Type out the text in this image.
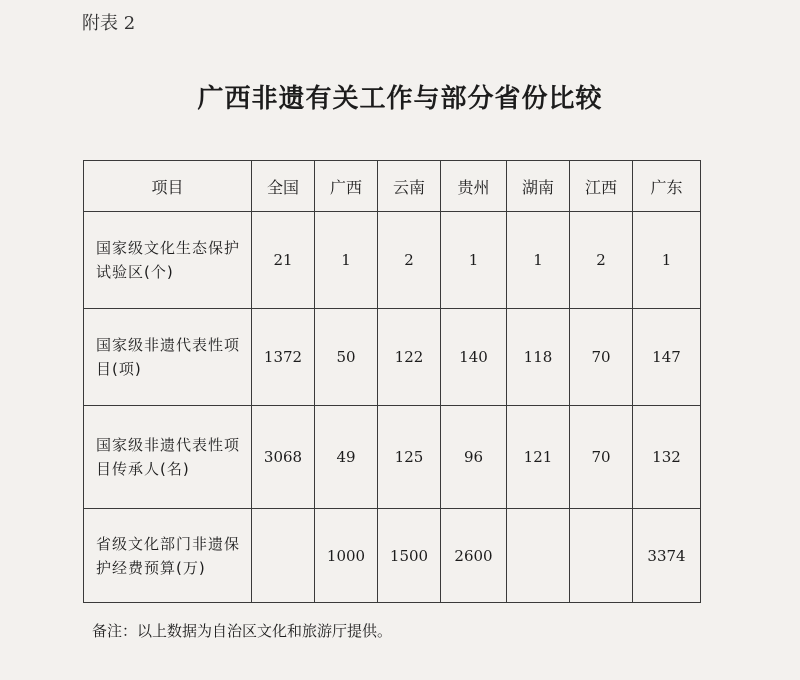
附表 2
广西非遗有关工作与部分省份比较
项目	全国	广西	云南	贵州	湖南	江西	广东
国家级文化生态保护试验区(个)	21	1	2	1	1	2	1
国家级非遗代表性项目(项)	1372	50	122	140	118	70	147
国家级非遗代表性项目传承人(名)	3068	49	125	96	121	70	132
省级文化部门非遗保护经费预算(万)		1000	1500	2600			3374
备注：以上数据为自治区文化和旅游厅提供。
